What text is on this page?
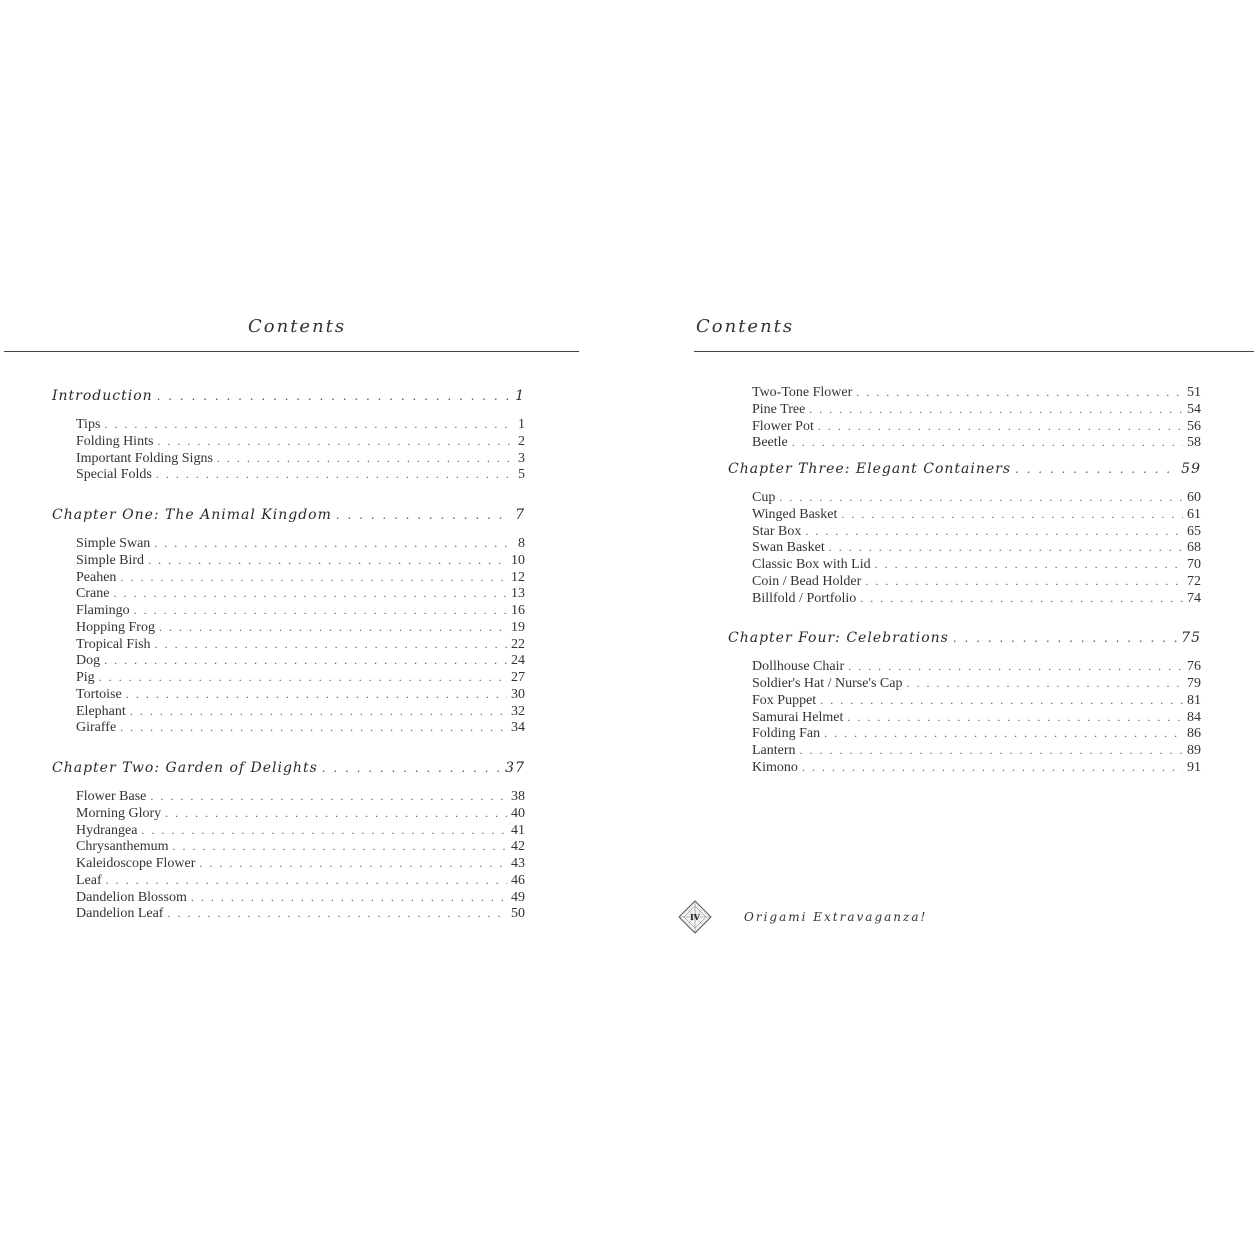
Contents
Introduction . . .	1
Tips . . .	1
Folding Hints . . .	2
Important Folding Signs . . .	3
Special Folds . . .	5
Chapter One: The Animal Kingdom . . .	7
Simple Swan . . .	8
Simple Bird . . .	10
Peahen . . .	12
Crane . . .	13
Flamingo . . .	16
Hopping Frog . . .	19
Tropical Fish . . .	22
Dog . . .	24
Pig . . .	27
Tortoise . . .	30
Elephant . . .	32
Giraffe . . .	34
Chapter Two: Garden of Delights . . .	37
Flower Base . . .	38
Morning Glory . . .	40
Hydrangea . . .	41
Chrysanthemum . . .	42
Kaleidoscope Flower . . .	43
Leaf . . .	46
Dandelion Blossom . . .	49
Dandelion Leaf . . .	50
Contents
Two-Tone Flower . . .	51
Pine Tree . . .	54
Flower Pot . . .	56
Beetle . . .	58
Chapter Three: Elegant Containers . . .	59
Cup . . .	60
Winged Basket . . .	61
Star Box . . .	65
Swan Basket . . .	68
Classic Box with Lid . . .	70
Coin / Bead Holder . . .	72
Billfold / Portfolio . . .	74
Chapter Four: Celebrations . . .	75
Dollhouse Chair . . .	76
Soldier's Hat / Nurse's Cap . . .	79
Fox Puppet . . .	81
Samurai Helmet . . .	84
Folding Fan . . .	86
Lantern . . .	89
Kimono . . .	91
IV	Origami Extravaganza!
